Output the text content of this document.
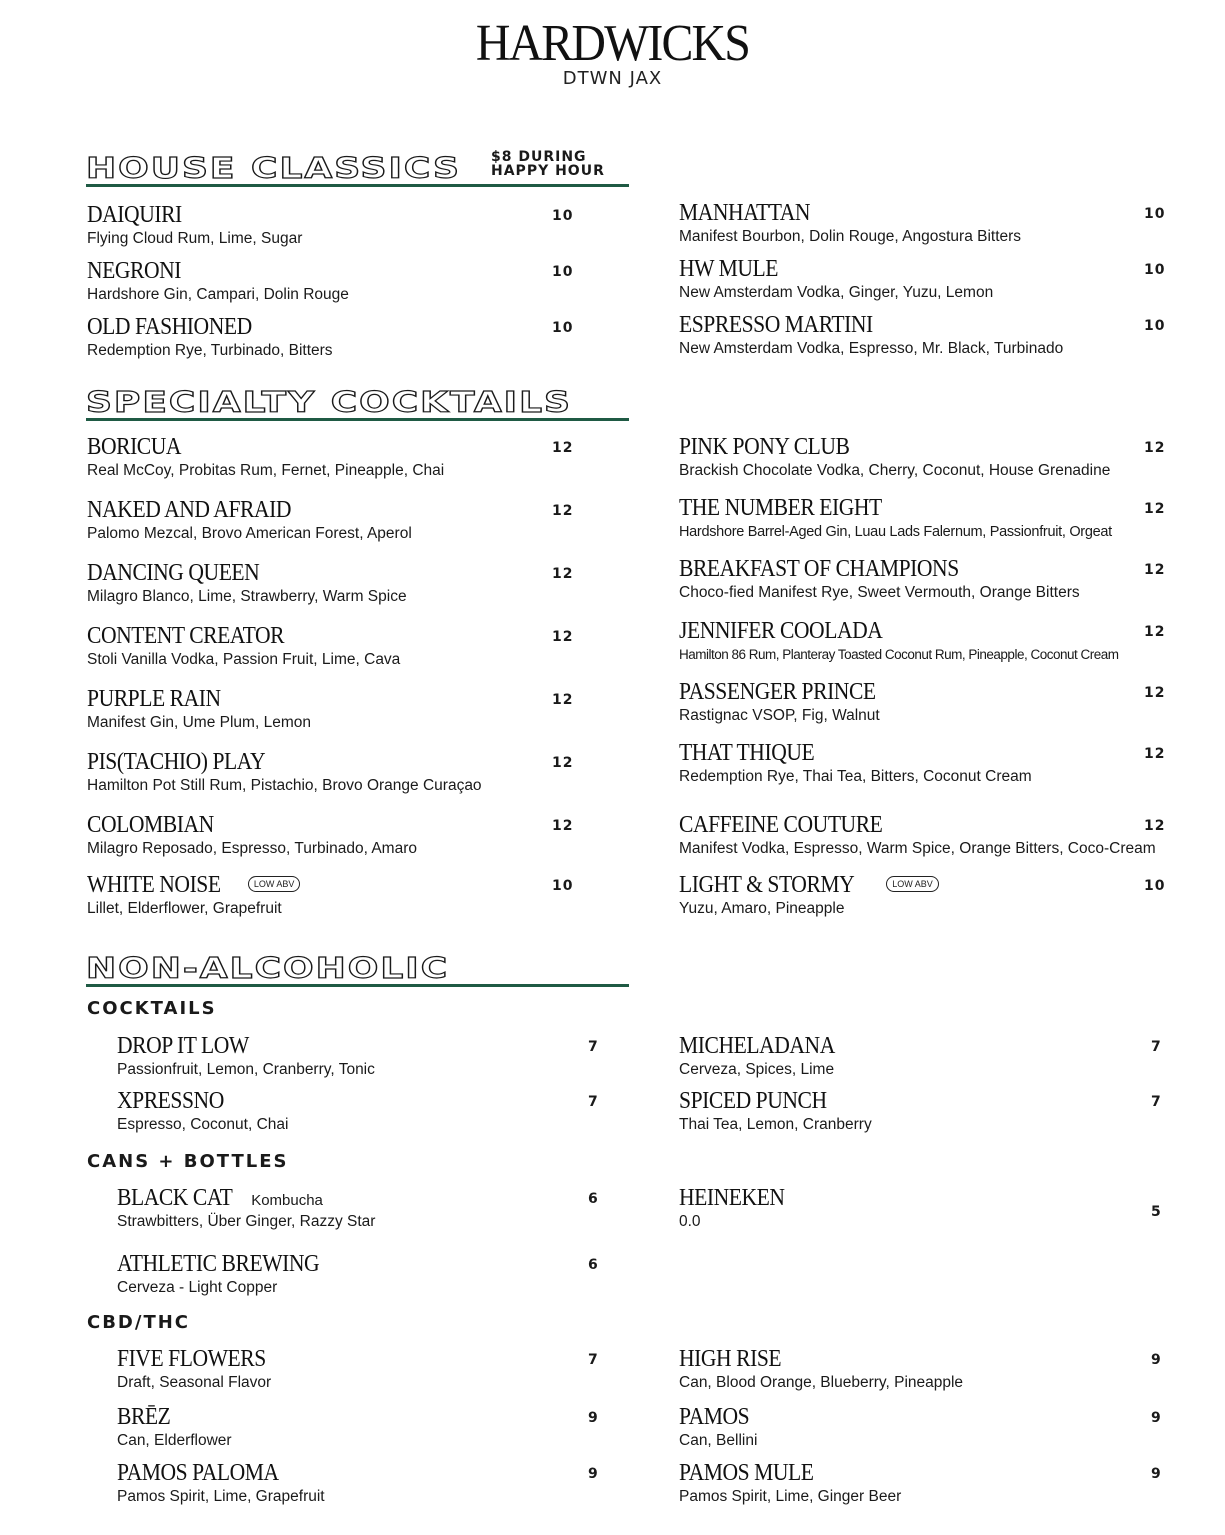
HARDWICKS
DTWN JAX
HOUSE CLASSICS $8 DURING
HAPPY HOUR
DAIQUIRI
Flying Cloud Rum, Lime, Sugar
10
NEGRONI
Hardshore Gin, Campari, Dolin Rouge
10
OLD FASHIONED
Redemption Rye, Turbinado, Bitters
10
MANHATTAN
Manifest Bourbon, Dolin Rouge, Angostura Bitters
10
HW MULE
New Amsterdam Vodka, Ginger, Yuzu, Lemon
10
ESPRESSO MARTINI
New Amsterdam Vodka, Espresso, Mr. Black, Turbinado
10
SPECIALTY COCKTAILS
BORICUA
Real McCoy, Probitas Rum, Fernet, Pineapple, Chai
12
NAKED AND AFRAID
Palomo Mezcal, Brovo American Forest, Aperol
12
DANCING QUEEN
Milagro Blanco, Lime, Strawberry, Warm Spice
12
CONTENT CREATOR
Stoli Vanilla Vodka, Passion Fruit, Lime, Cava
12
PURPLE RAIN
Manifest Gin, Ume Plum, Lemon
12
PIS(TACHIO) PLAY
Hamilton Pot Still Rum, Pistachio, Brovo Orange Curaçao
12
COLOMBIAN
Milagro Reposado, Espresso, Turbinado, Amaro
12
WHITE NOISE	LOW ABV
Lillet, Elderflower, Grapefruit
10
PINK PONY CLUB
Brackish Chocolate Vodka, Cherry, Coconut, House Grenadine
12
THE NUMBER EIGHT
Hardshore Barrel-Aged Gin, Luau Lads Falernum, Passionfruit, Orgeat
12
BREAKFAST OF CHAMPIONS
Choco-fied Manifest Rye, Sweet Vermouth, Orange Bitters
12
JENNIFER COOLADA
Hamilton 86 Rum, Planteray Toasted Coconut Rum, Pineapple, Coconut Cream
12
PASSENGER PRINCE
Rastignac VSOP, Fig, Walnut
12
THAT THIQUE
Redemption Rye, Thai Tea, Bitters, Coconut Cream
12
CAFFEINE COUTURE
Manifest Vodka, Espresso, Warm Spice, Orange Bitters, Coco-Cream
12
LIGHT & STORMY	LOW ABV
Yuzu, Amaro, Pineapple
10
NON-ALCOHOLIC
COCKTAILS
DROP IT LOW
Passionfruit, Lemon, Cranberry, Tonic
7
XPRESSNO
Espresso, Coconut, Chai
7
MICHELADANA
Cerveza, Spices, Lime
7
SPICED PUNCH
Thai Tea, Lemon, Cranberry
7
CANS + BOTTLES
BLACK CAT Kombucha
Strawbitters, Über Ginger, Razzy Star
6
ATHLETIC BREWING
Cerveza - Light Copper
6
HEINEKEN
0.0
5
CBD/THC
FIVE FLOWERS
Draft, Seasonal Flavor
7
BRĒZ
Can, Elderflower
9
PAMOS PALOMA
Pamos Spirit, Lime, Grapefruit
9
HIGH RISE
Can, Blood Orange, Blueberry, Pineapple
9
PAMOS
Can, Bellini
9
PAMOS MULE
Pamos Spirit, Lime, Ginger Beer
9
